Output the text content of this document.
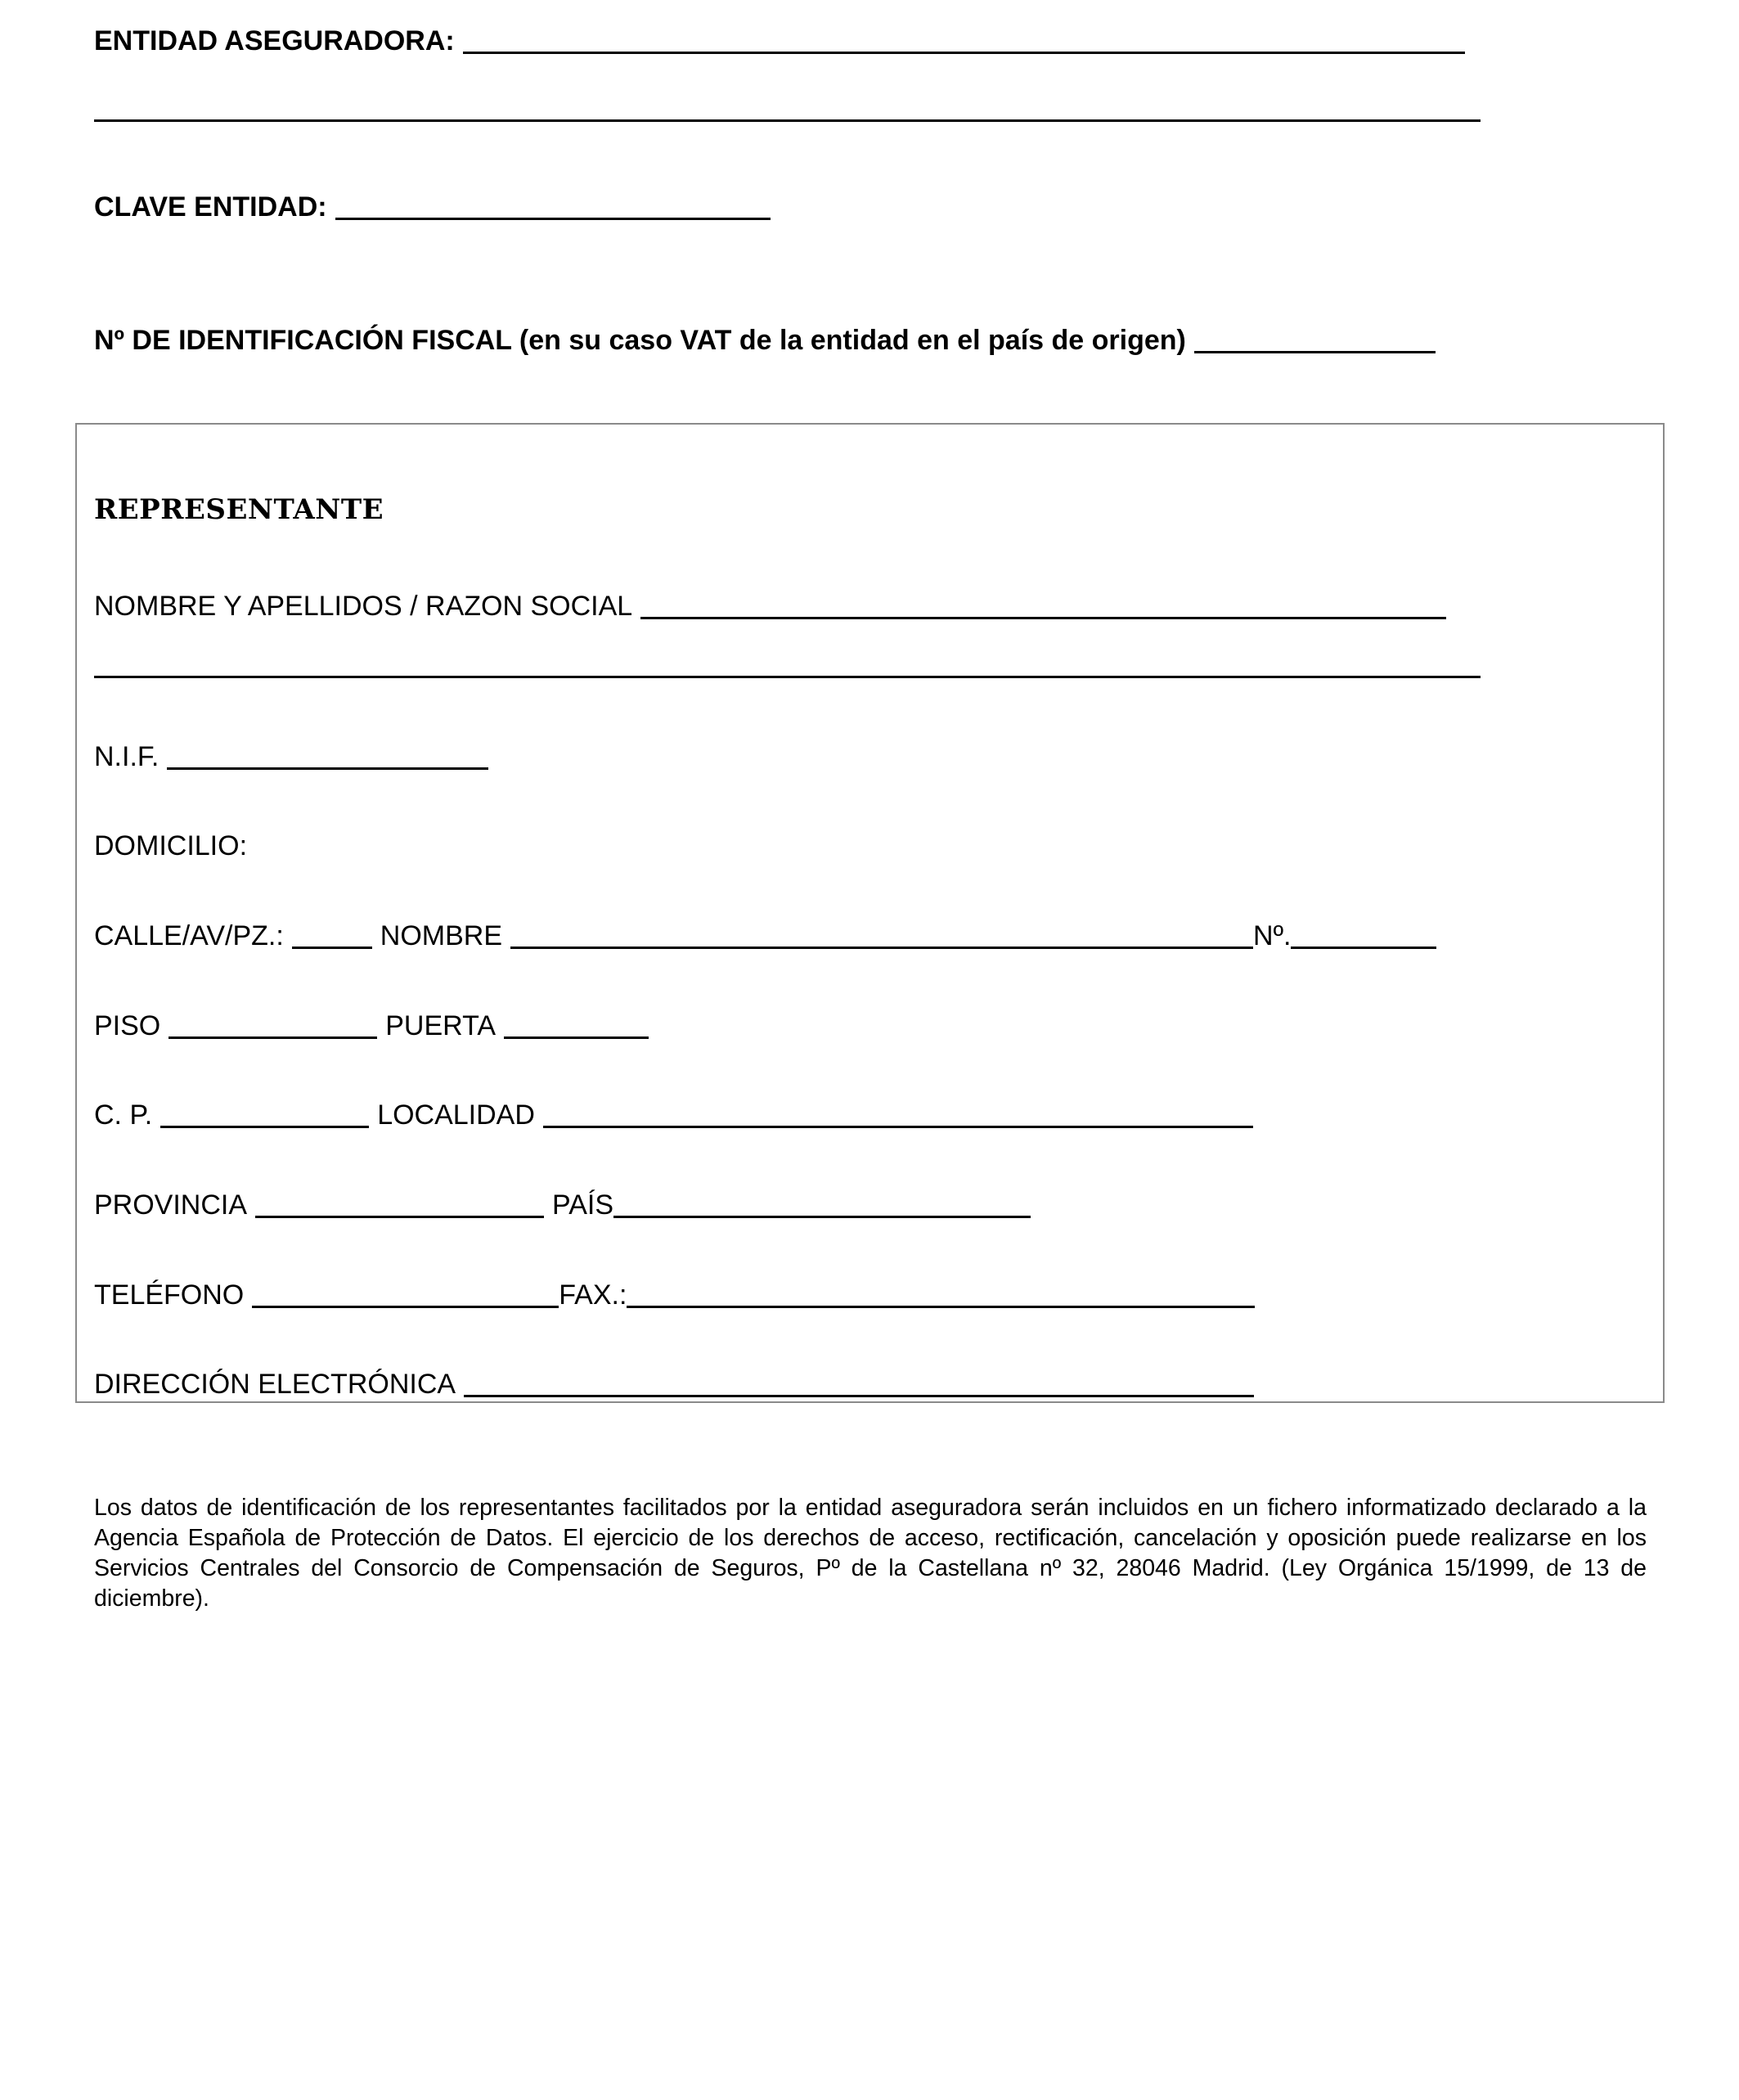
ENTIDAD ASEGURADORA:
CLAVE ENTIDAD:
Nº DE IDENTIFICACIÓN FISCAL (en su caso VAT de la entidad en el país de origen)
REPRESENTANTE
NOMBRE Y APELLIDOS / RAZON SOCIAL
N.I.F.
DOMICILIO:
CALLE/AV/PZ.:	NOMBRE	Nº.
PISO	PUERTA
C. P.	LOCALIDAD
PROVINCIA	PAÍS
TELÉFONO	FAX.:
DIRECCIÓN ELECTRÓNICA
Los datos de identificación de los representantes facilitados por la entidad aseguradora serán incluidos en un fichero informatizado declarado a la Agencia Española de Protección de Datos. El ejercicio de los derechos de acceso, rectificación, cancelación y oposición puede realizarse en los Servicios Centrales del Consorcio de Compensación de Seguros, Pº de la Castellana nº 32, 28046 Madrid. (Ley Orgánica 15/1999, de 13 de diciembre).
